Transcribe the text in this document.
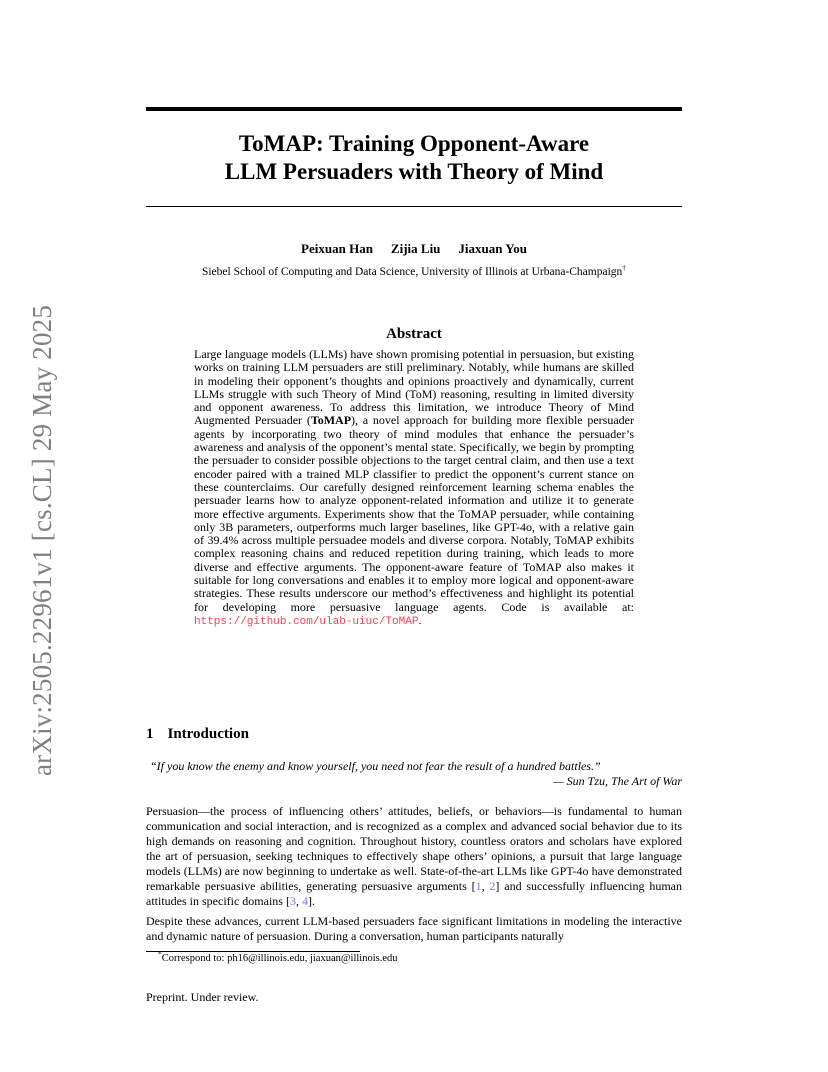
arXiv:2505.22961v1 [cs.CL] 29 May 2025
ToMAP: Training Opponent-Aware
LLM Persuaders with Theory of Mind
Peixuan Han Zijia Liu Jiaxuan You
Siebel School of Computing and Data Science, University of Illinois at Urbana-Champaign†
Abstract
Large language models (LLMs) have shown promising potential in persuasion, but existing works on training LLM persuaders are still preliminary. Notably, while humans are skilled in modeling their opponent’s thoughts and opinions proactively and dynamically, current LLMs struggle with such Theory of Mind (ToM) reasoning, resulting in limited diversity and opponent awareness. To address this limitation, we introduce Theory of Mind Augmented Persuader (ToMAP), a novel approach for building more flexible persuader agents by incorporating two theory of mind modules that enhance the persuader’s awareness and analysis of the opponent’s mental state. Specifically, we begin by prompting the persuader to consider possible objections to the target central claim, and then use a text encoder paired with a trained MLP classifier to predict the opponent’s current stance on these counterclaims. Our carefully designed reinforcement learning schema enables the persuader learns how to analyze opponent-related information and utilize it to generate more effective arguments. Experiments show that the ToMAP persuader, while containing only 3B parameters, outperforms much larger baselines, like GPT-4o, with a relative gain of 39.4% across multiple persuadee models and diverse corpora. Notably, ToMAP exhibits complex reasoning chains and reduced repetition during training, which leads to more diverse and effective arguments. The opponent-aware feature of ToMAP also makes it suitable for long conversations and enables it to employ more logical and opponent-aware strategies. These results underscore our method’s effectiveness and highlight its potential for developing more persuasive language agents. Code is available at: https://github.com/ulab-uiuc/ToMAP.
1 Introduction
“If you know the enemy and know yourself, you need not fear the result of a hundred battles.”
— Sun Tzu, The Art of War
Persuasion—the process of influencing others’ attitudes, beliefs, or behaviors—is fundamental to human communication and social interaction, and is recognized as a complex and advanced social behavior due to its high demands on reasoning and cognition. Throughout history, countless orators and scholars have explored the art of persuasion, seeking techniques to effectively shape others’ opinions, a pursuit that large language models (LLMs) are now beginning to undertake as well. State-of-the-art LLMs like GPT-4o have demonstrated remarkable persuasive abilities, generating persuasive arguments [1, 2] and successfully influencing human attitudes in specific domains [3, 4].
Despite these advances, current LLM-based persuaders face significant limitations in modeling the interactive and dynamic nature of persuasion. During a conversation, human participants naturally
*Correspond to: ph16@illinois.edu, jiaxuan@illinois.edu
Preprint. Under review.
